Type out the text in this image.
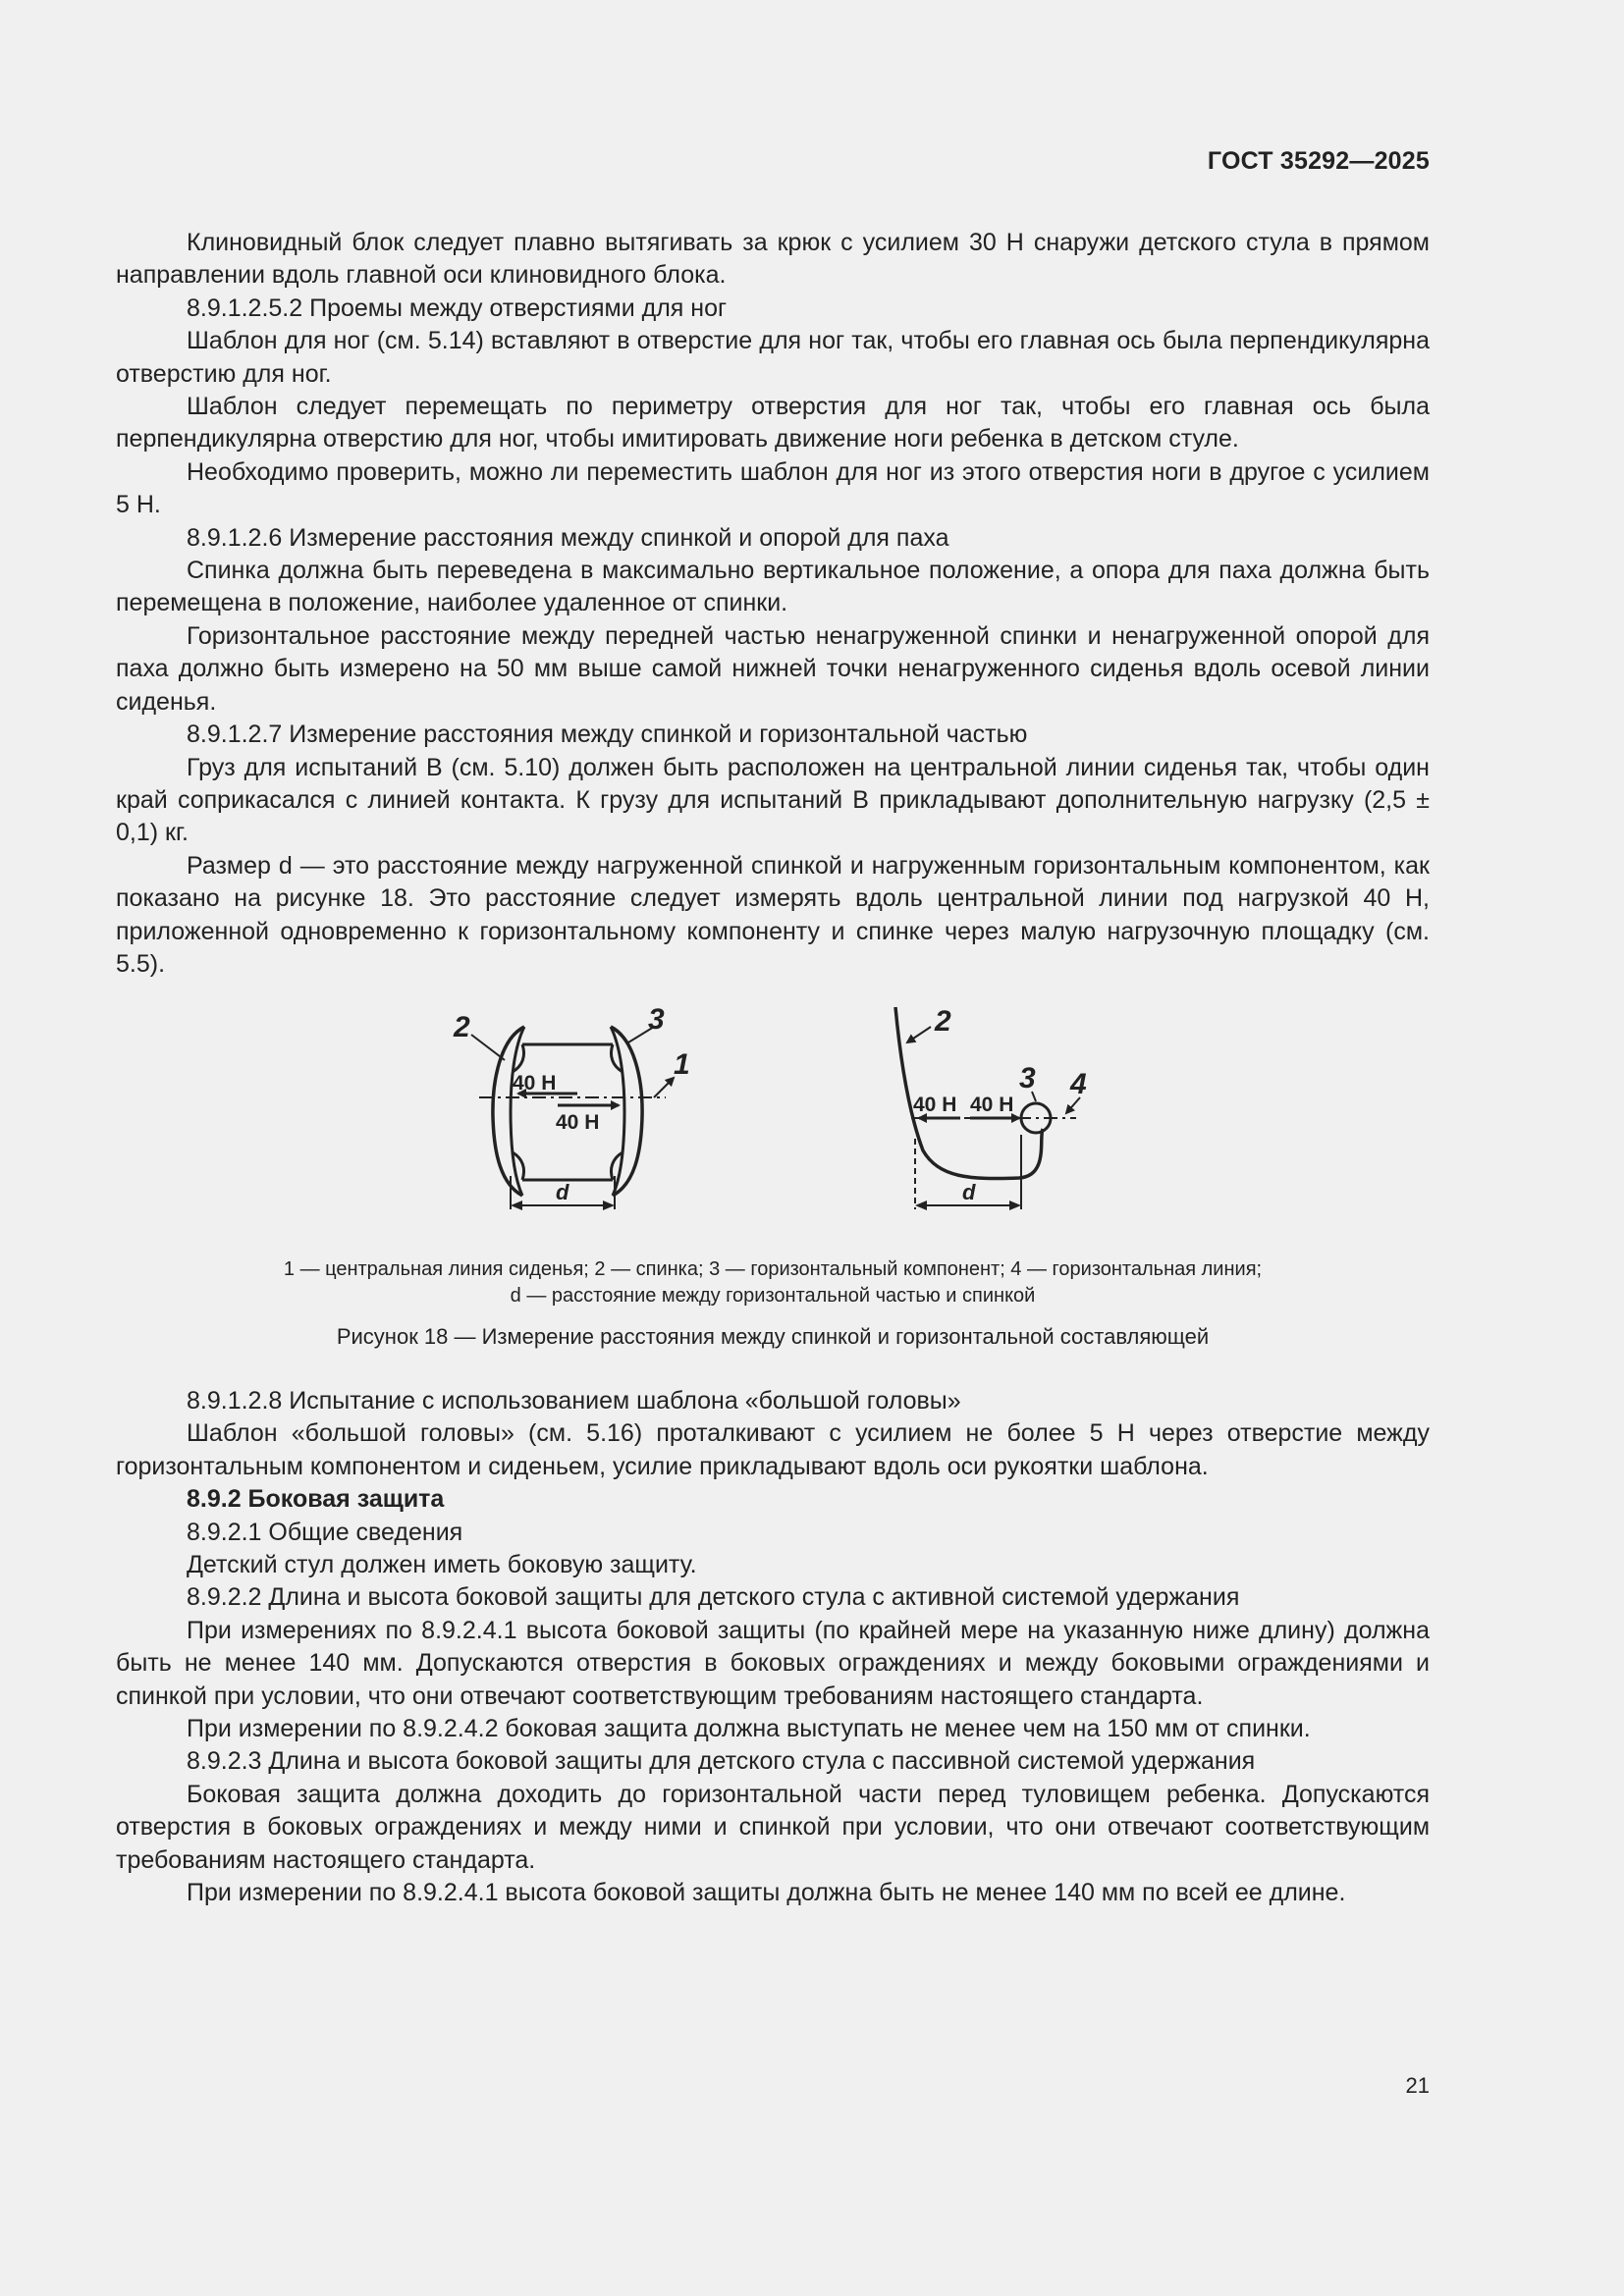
ГОСТ 35292—2025

Клиновидный блок следует плавно вытягивать за крюк с усилием 30 Н снаружи детского стула в прямом направлении вдоль главной оси клиновидного блока.

8.9.1.2.5.2 Проемы между отверстиями для ног

Шаблон для ног (см. 5.14) вставляют в отверстие для ног так, чтобы его главная ось была перпендикулярна отверстию для ног.

Шаблон следует перемещать по периметру отверстия для ног так, чтобы его главная ось была перпендикулярна отверстию для ног, чтобы имитировать движение ноги ребенка в детском стуле.

Необходимо проверить, можно ли переместить шаблон для ног из этого отверстия ноги в другое с усилием 5 Н.

8.9.1.2.6 Измерение расстояния между спинкой и опорой для паха

Спинка должна быть переведена в максимально вертикальное положение, а опора для паха должна быть перемещена в положение, наиболее удаленное от спинки.

Горизонтальное расстояние между передней частью ненагруженной спинки и ненагруженной опорой для паха должно быть измерено на 50 мм выше самой нижней точки ненагруженного сиденья вдоль осевой линии сиденья.

8.9.1.2.7 Измерение расстояния между спинкой и горизонтальной частью

Груз для испытаний В (см. 5.10) должен быть расположен на центральной линии сиденья так, чтобы один край соприкасался с линией контакта. К грузу для испытаний В прикладывают дополнительную нагрузку (2,5 ± 0,1) кг.

Размер d — это расстояние между нагруженной спинкой и нагруженным горизонтальным компонентом, как показано на рисунке 18. Это расстояние следует измерять вдоль центральной линии под нагрузкой 40 Н, приложенной одновременно к горизонтальному компоненту и спинке через малую нагрузочную площадку (см. 5.5).

2	3
1
40 Н
40 Н
d
2
3 4
40 Н 40 Н
d
1 — центральная линия сиденья; 2 — спинка; 3 — горизонтальный компонент; 4 — горизонтальная линия;
d — расстояние между горизонтальной частью и спинкой
Рисунок 18 — Измерение расстояния между спинкой и горизонтальной составляющей

8.9.1.2.8 Испытание с использованием шаблона «большой головы»

Шаблон «большой головы» (см. 5.16) проталкивают с усилием не более 5 Н через отверстие между горизонтальным компонентом и сиденьем, усилие прикладывают вдоль оси рукоятки шаблона.

8.9.2 Боковая защита

8.9.2.1 Общие сведения

Детский стул должен иметь боковую защиту.

8.9.2.2 Длина и высота боковой защиты для детского стула с активной системой удержания

При измерениях по 8.9.2.4.1 высота боковой защиты (по крайней мере на указанную ниже длину) должна быть не менее 140 мм. Допускаются отверстия в боковых ограждениях и между боковыми ограждениями и спинкой при условии, что они отвечают соответствующим требованиям настоящего стандарта.

При измерении по 8.9.2.4.2 боковая защита должна выступать не менее чем на 150 мм от спинки.

8.9.2.3 Длина и высота боковой защиты для детского стула с пассивной системой удержания

Боковая защита должна доходить до горизонтальной части перед туловищем ребенка. Допускаются отверстия в боковых ограждениях и между ними и спинкой при условии, что они отвечают соответствующим требованиям настоящего стандарта.

При измерении по 8.9.2.4.1 высота боковой защиты должна быть не менее 140 мм по всей ее длине.

21
